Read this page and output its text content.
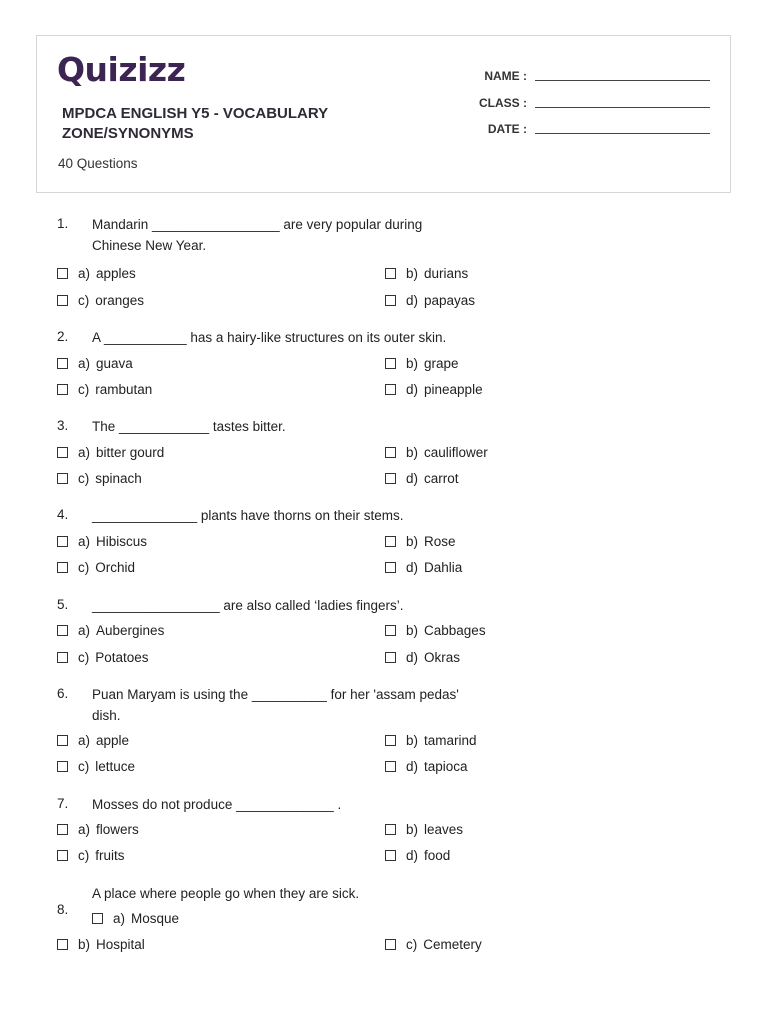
Quizizz
MPDCA ENGLISH Y5 - VOCABULARY ZONE/SYNONYMS
40 Questions
NAME :
CLASS :
DATE :
1. Mandarin _________________ are very popular during Chinese New Year.
a) apples	b) durians
c) oranges	d) papayas
2. A ___________ has a hairy-like structures on its outer skin.
a) guava	b) grape
c) rambutan	d) pineapple
3. The ____________ tastes bitter.
a) bitter gourd	b) cauliflower
c) spinach	d) carrot
4. ______________ plants have thorns on their stems.
a) Hibiscus	b) Rose
c) Orchid	d) Dahlia
5. _________________ are also called ‘ladies fingers’.
a) Aubergines	b) Cabbages
c) Potatoes	d) Okras
6. Puan Maryam is using the __________ for her 'assam pedas' dish.
a) apple	b) tamarind
c) lettuce	d) tapioca
7. Mosses do not produce _____________ .
a) flowers	b) leaves
c) fruits	d) food
8.
A place where people go when they are sick.
a) Mosque
b) Hospital	c) Cemetery
